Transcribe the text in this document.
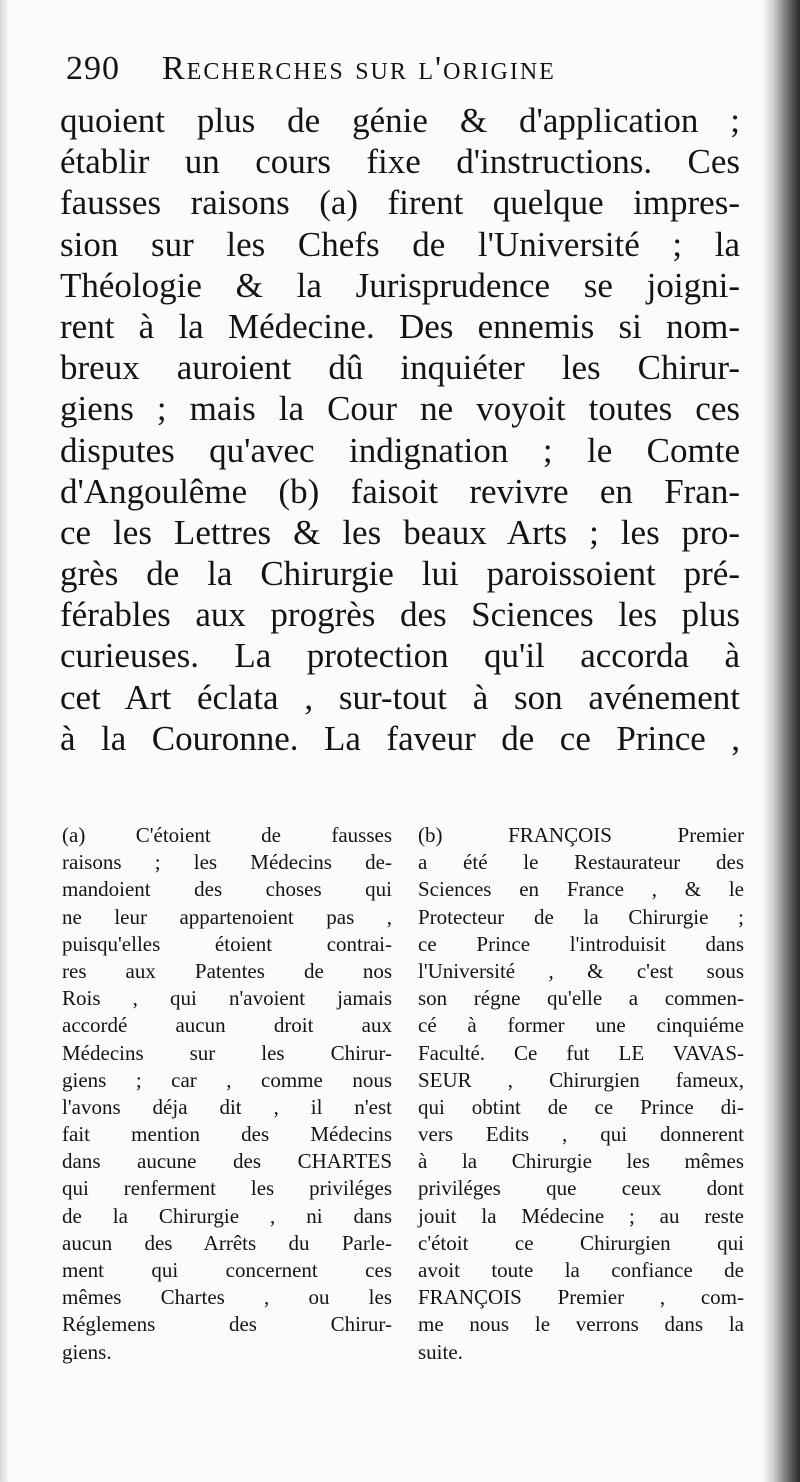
290	Recherches sur l'origine
quoient plus de génie & d'application ;
établir un cours fixe d'instructions. Ces
fausses raisons (a) firent quelque impres-
sion sur les Chefs de l'Université ; la
Théologie & la Jurisprudence se joigni-
rent à la Médecine. Des ennemis si nom-
breux auroient dû inquiéter les Chirur-
giens ; mais la Cour ne voyoit toutes ces
disputes qu'avec indignation ; le Comte
d'Angoulême (b) faisoit revivre en Fran-
ce les Lettres & les beaux Arts ; les pro-
grès de la Chirurgie lui paroissoient pré-
férables aux progrès des Sciences les plus
curieuses. La protection qu'il accorda à
cet Art éclata , sur-tout à son avénement
à la Couronne. La faveur de ce Prince ,
(a) C'étoient de fausses
raisons ; les Médecins de-
mandoient des choses qui
ne leur appartenoient pas ,
puisqu'elles étoient contrai-
res aux Patentes de nos
Rois , qui n'avoient jamais
accordé aucun droit aux
Médecins sur les Chirur-
giens ; car , comme nous
l'avons déja dit , il n'est
fait mention des Médecins
dans aucune des CHARTES
qui renferment les priviléges
de la Chirurgie , ni dans
aucun des Arrêts du Parle-
ment qui concernent ces
mêmes Chartes , ou les
Réglemens des Chirur-
giens.
(b) FRANÇOIS Premier
a été le Restaurateur des
Sciences en France , & le
Protecteur de la Chirurgie ;
ce Prince l'introduisit dans
l'Université , & c'est sous
son régne qu'elle a commen-
cé à former une cinquiéme
Faculté. Ce fut LE VAVAS-
SEUR , Chirurgien fameux,
qui obtint de ce Prince di-
vers Edits , qui donnerent
à la Chirurgie les mêmes
priviléges que ceux dont
jouit la Médecine ; au reste
c'étoit ce Chirurgien qui
avoit toute la confiance de
FRANÇOIS Premier , com-
me nous le verrons dans la
suite.
